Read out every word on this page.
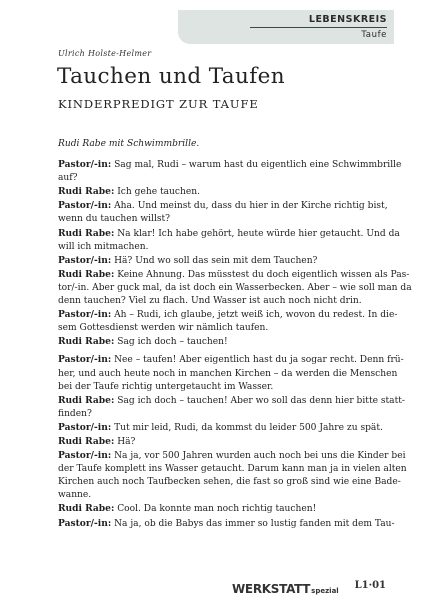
LEBENSKREIS
Taufe
Ulrich Holste-Helmer
Tauchen und Taufen
KINDERPREDIGT ZUR TAUFE
Rudi Rabe mit Schwimmbrille.
Pastor/-in: Sag mal, Rudi – warum hast du eigentlich eine Schwimmbrille
auf?
Rudi Rabe: Ich gehe tauchen.
Pastor/-in: Aha. Und meinst du, dass du hier in der Kirche richtig bist,
wenn du tauchen willst?
Rudi Rabe: Na klar! Ich habe gehört, heute würde hier getaucht. Und da
will ich mitmachen.
Pastor/-in: Hä? Und wo soll das sein mit dem Tauchen?
Rudi Rabe: Keine Ahnung. Das müsstest du doch eigentlich wissen als Pas-
tor/-in. Aber guck mal, da ist doch ein Wasserbecken. Aber – wie soll man da
denn tauchen? Viel zu flach. Und Wasser ist auch noch nicht drin.
Pastor/-in: Ah – Rudi, ich glaube, jetzt weiß ich, wovon du redest. In die-
sem Gottesdienst werden wir nämlich taufen.
Rudi Rabe: Sag ich doch – tauchen!
Pastor/-in: Nee – taufen! Aber eigentlich hast du ja sogar recht. Denn frü-
her, und auch heute noch in manchen Kirchen – da werden die Menschen
bei der Taufe richtig untergetaucht im Wasser.
Rudi Rabe: Sag ich doch – tauchen! Aber wo soll das denn hier bitte statt-
finden?
Pastor/-in: Tut mir leid, Rudi, da kommst du leider 500 Jahre zu spät.
Rudi Rabe: Hä?
Pastor/-in: Na ja, vor 500 Jahren wurden auch noch bei uns die Kinder bei
der Taufe komplett ins Wasser getaucht. Darum kann man ja in vielen alten
Kirchen auch noch Taufbecken sehen, die fast so groß sind wie eine Bade-
wanne.
Rudi Rabe: Cool. Da konnte man noch richtig tauchen!
Pastor/-in: Na ja, ob die Babys das immer so lustig fanden mit dem Tau-
WERKSTATTspezial L1·01
